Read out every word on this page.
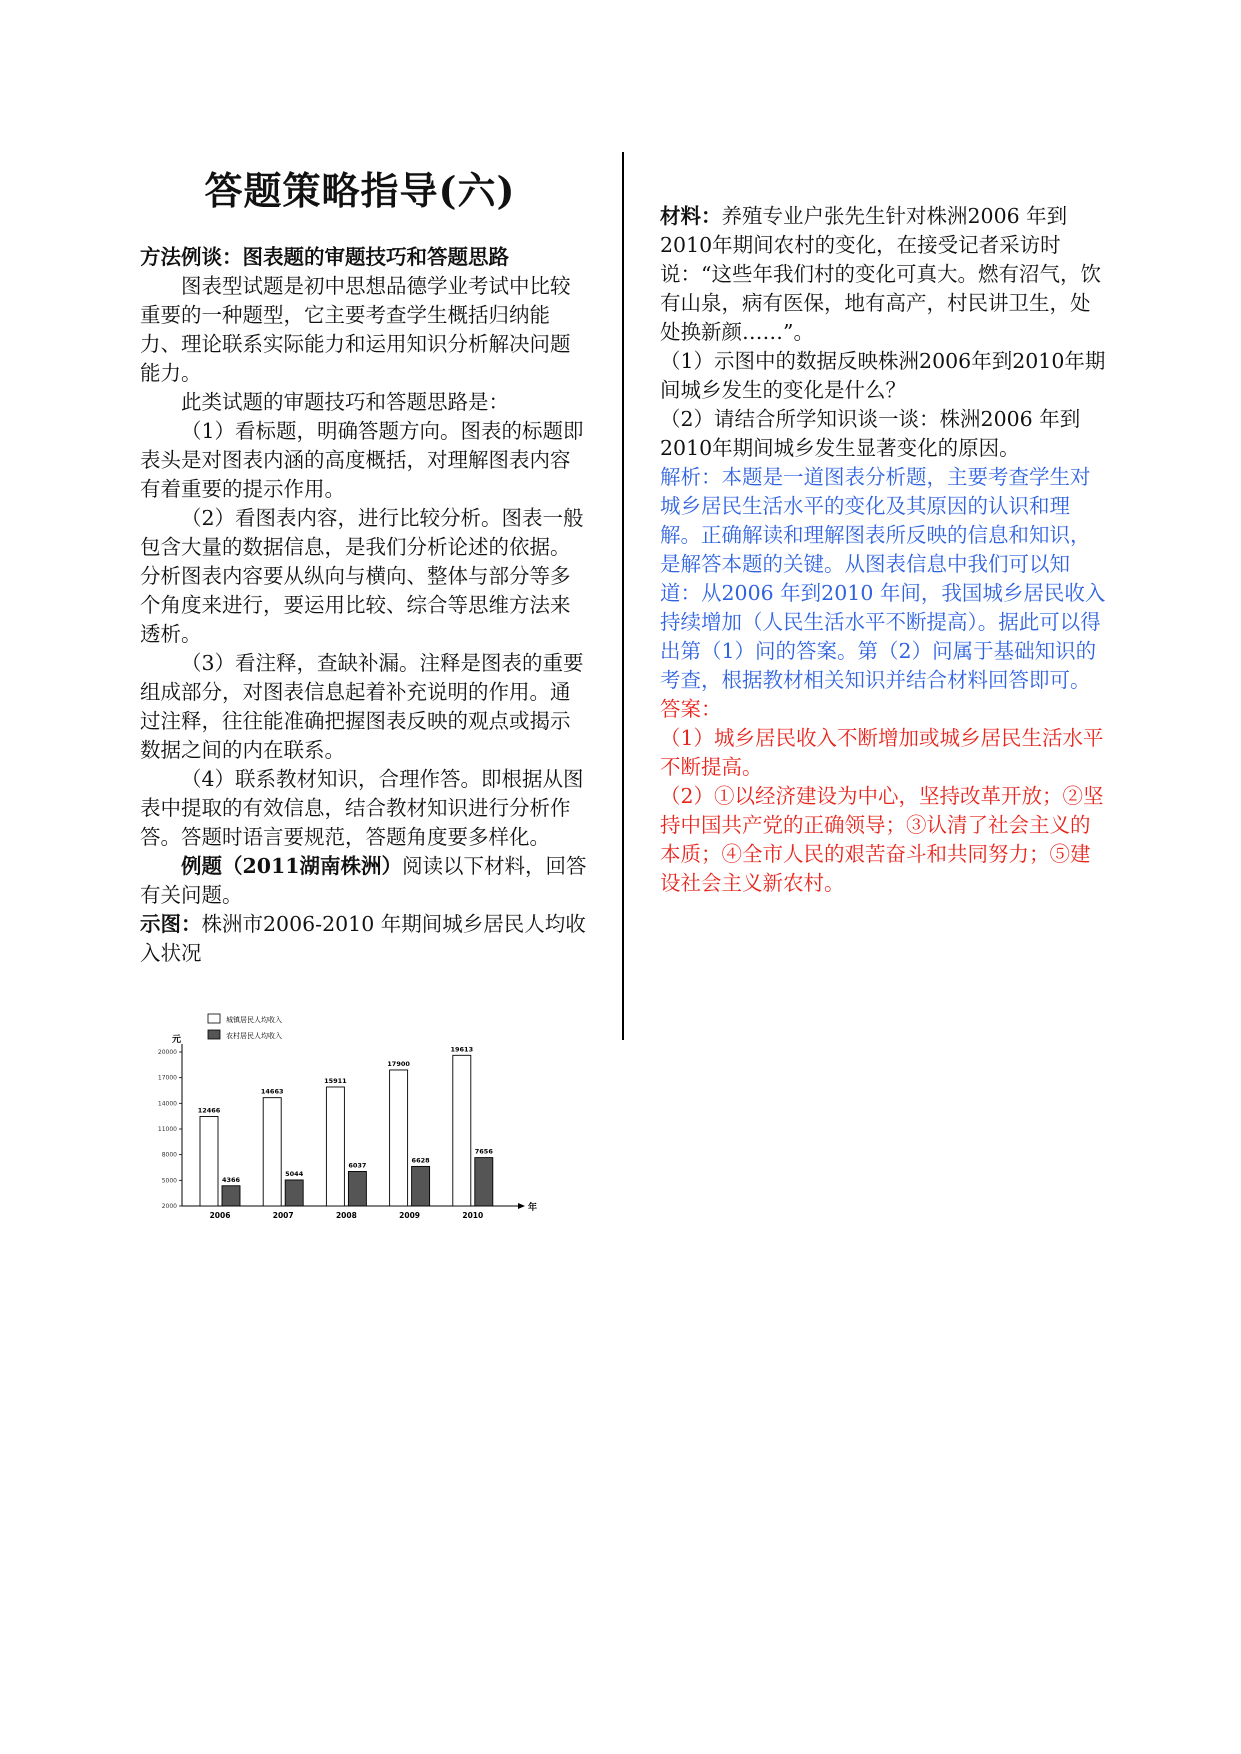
答题策略指导(六)

方法例谈：图表题的审题技巧和答题思路

图表型试题是初中思想品德学业考试中比较重要的一种题型，它主要考查学生概括归纳能力、理论联系实际能力和运用知识分析解决问题能力。

此类试题的审题技巧和答题思路是：

（1）看标题，明确答题方向。图表的标题即表头是对图表内涵的高度概括，对理解图表内容有着重要的提示作用。

（2）看图表内容，进行比较分析。图表一般包含大量的数据信息，是我们分析论述的依据。分析图表内容要从纵向与横向、整体与部分等多个角度来进行，要运用比较、综合等思维方法来透析。

（3）看注释，查缺补漏。注释是图表的重要组成部分，对图表信息起着补充说明的作用。通过注释，往往能准确把握图表反映的观点或揭示数据之间的内在联系。

（4）联系教材知识，合理作答。即根据从图表中提取的有效信息，结合教材知识进行分析作答。答题时语言要规范，答题角度要多样化。

例题（2011湖南株洲）阅读以下材料，回答有关问题。

示图：株洲市2006-2010 年期间城乡居民人均收入状况

城镇居民人均收入
农村居民人均收入
元
年
2000
5000
8000
11000
14000
17000
20000
12466
4366
2006
14663
5044
2007
15911
6037
2008
17900
6628
2009
19613
7656
2010

材料：养殖专业户张先生针对株洲2006 年到2010年期间农村的变化，在接受记者采访时说：“这些年我们村的变化可真大。燃有沼气，饮有山泉，病有医保，地有高产，村民讲卫生，处处换新颜……”。

（1）示图中的数据反映株洲2006年到2010年期间城乡发生的变化是什么？

（2）请结合所学知识谈一谈：株洲2006 年到2010年期间城乡发生显著变化的原因。

解析：本题是一道图表分析题，主要考查学生对城乡居民生活水平的变化及其原因的认识和理解。正确解读和理解图表所反映的信息和知识，是解答本题的关键。从图表信息中我们可以知道：从2006 年到2010 年间，我国城乡居民收入持续增加（人民生活水平不断提高）。据此可以得出第（1）问的答案。第（2）问属于基础知识的考查，根据教材相关知识并结合材料回答即可。

答案：

（1）城乡居民收入不断增加或城乡居民生活水平不断提高。

（2）①以经济建设为中心，坚持改革开放；②坚持中国共产党的正确领导；③认清了社会主义的本质；④全市人民的艰苦奋斗和共同努力；⑤建设社会主义新农村。
